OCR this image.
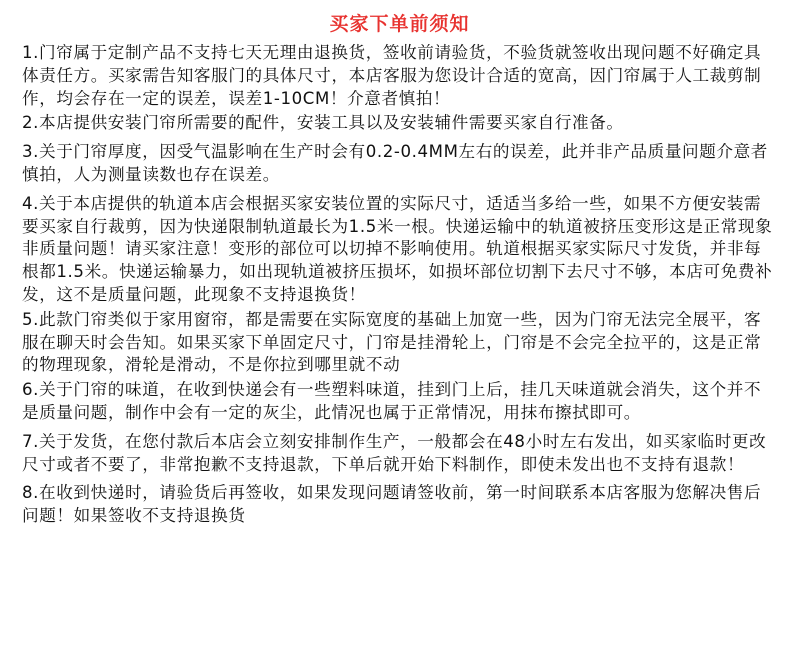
买家下单前须知

1.门帘属于定制产品不支持七天无理由退换货，签收前请验货，不验货就签收出现问题不好确定具体责任方。买家需告知客服门的具体尺寸，本店客服为您设计合适的宽高，因门帘属于人工裁剪制作，均会存在一定的误差，误差1-10CM！介意者慎拍！

2.本店提供安装门帘所需要的配件，安装工具以及安装辅件需要买家自行准备。

3.关于门帘厚度，因受气温影响在生产时会有0.2-0.4MM左右的误差，此并非产品质量问题介意者慎拍，人为测量读数也存在误差。

4.关于本店提供的轨道本店会根据买家安装位置的实际尺寸，适适当多给一些，如果不方便安装需要买家自行裁剪，因为快递限制轨道最长为1.5米一根。快递运输中的轨道被挤压变形这是正常现象非质量问题！请买家注意！变形的部位可以切掉不影响使用。轨道根据买家实际尺寸发货，并非每根都1.5米。快递运输暴力，如出现轨道被挤压损坏，如损坏部位切割下去尺寸不够，本店可免费补发，这不是质量问题，此现象不支持退换货！

5.此款门帘类似于家用窗帘，都是需要在实际宽度的基础上加宽一些，因为门帘无法完全展平，客服在聊天时会告知。如果买家下单固定尺寸，门帘是挂滑轮上，门帘是不会完全拉平的，这是正常的物理现象，滑轮是滑动，不是你拉到哪里就不动

6.关于门帘的味道，在收到快递会有一些塑料味道，挂到门上后，挂几天味道就会消失，这个并不是质量问题，制作中会有一定的灰尘，此情况也属于正常情况，用抹布擦拭即可。

7.关于发货，在您付款后本店会立刻安排制作生产，一般都会在48小时左右发出，如买家临时更改尺寸或者不要了，非常抱歉不支持退款，下单后就开始下料制作，即使未发出也不支持有退款！

8.在收到快递时，请验货后再签收，如果发现问题请签收前，第一时间联系本店客服为您解决售后问题！如果签收不支持退换货
